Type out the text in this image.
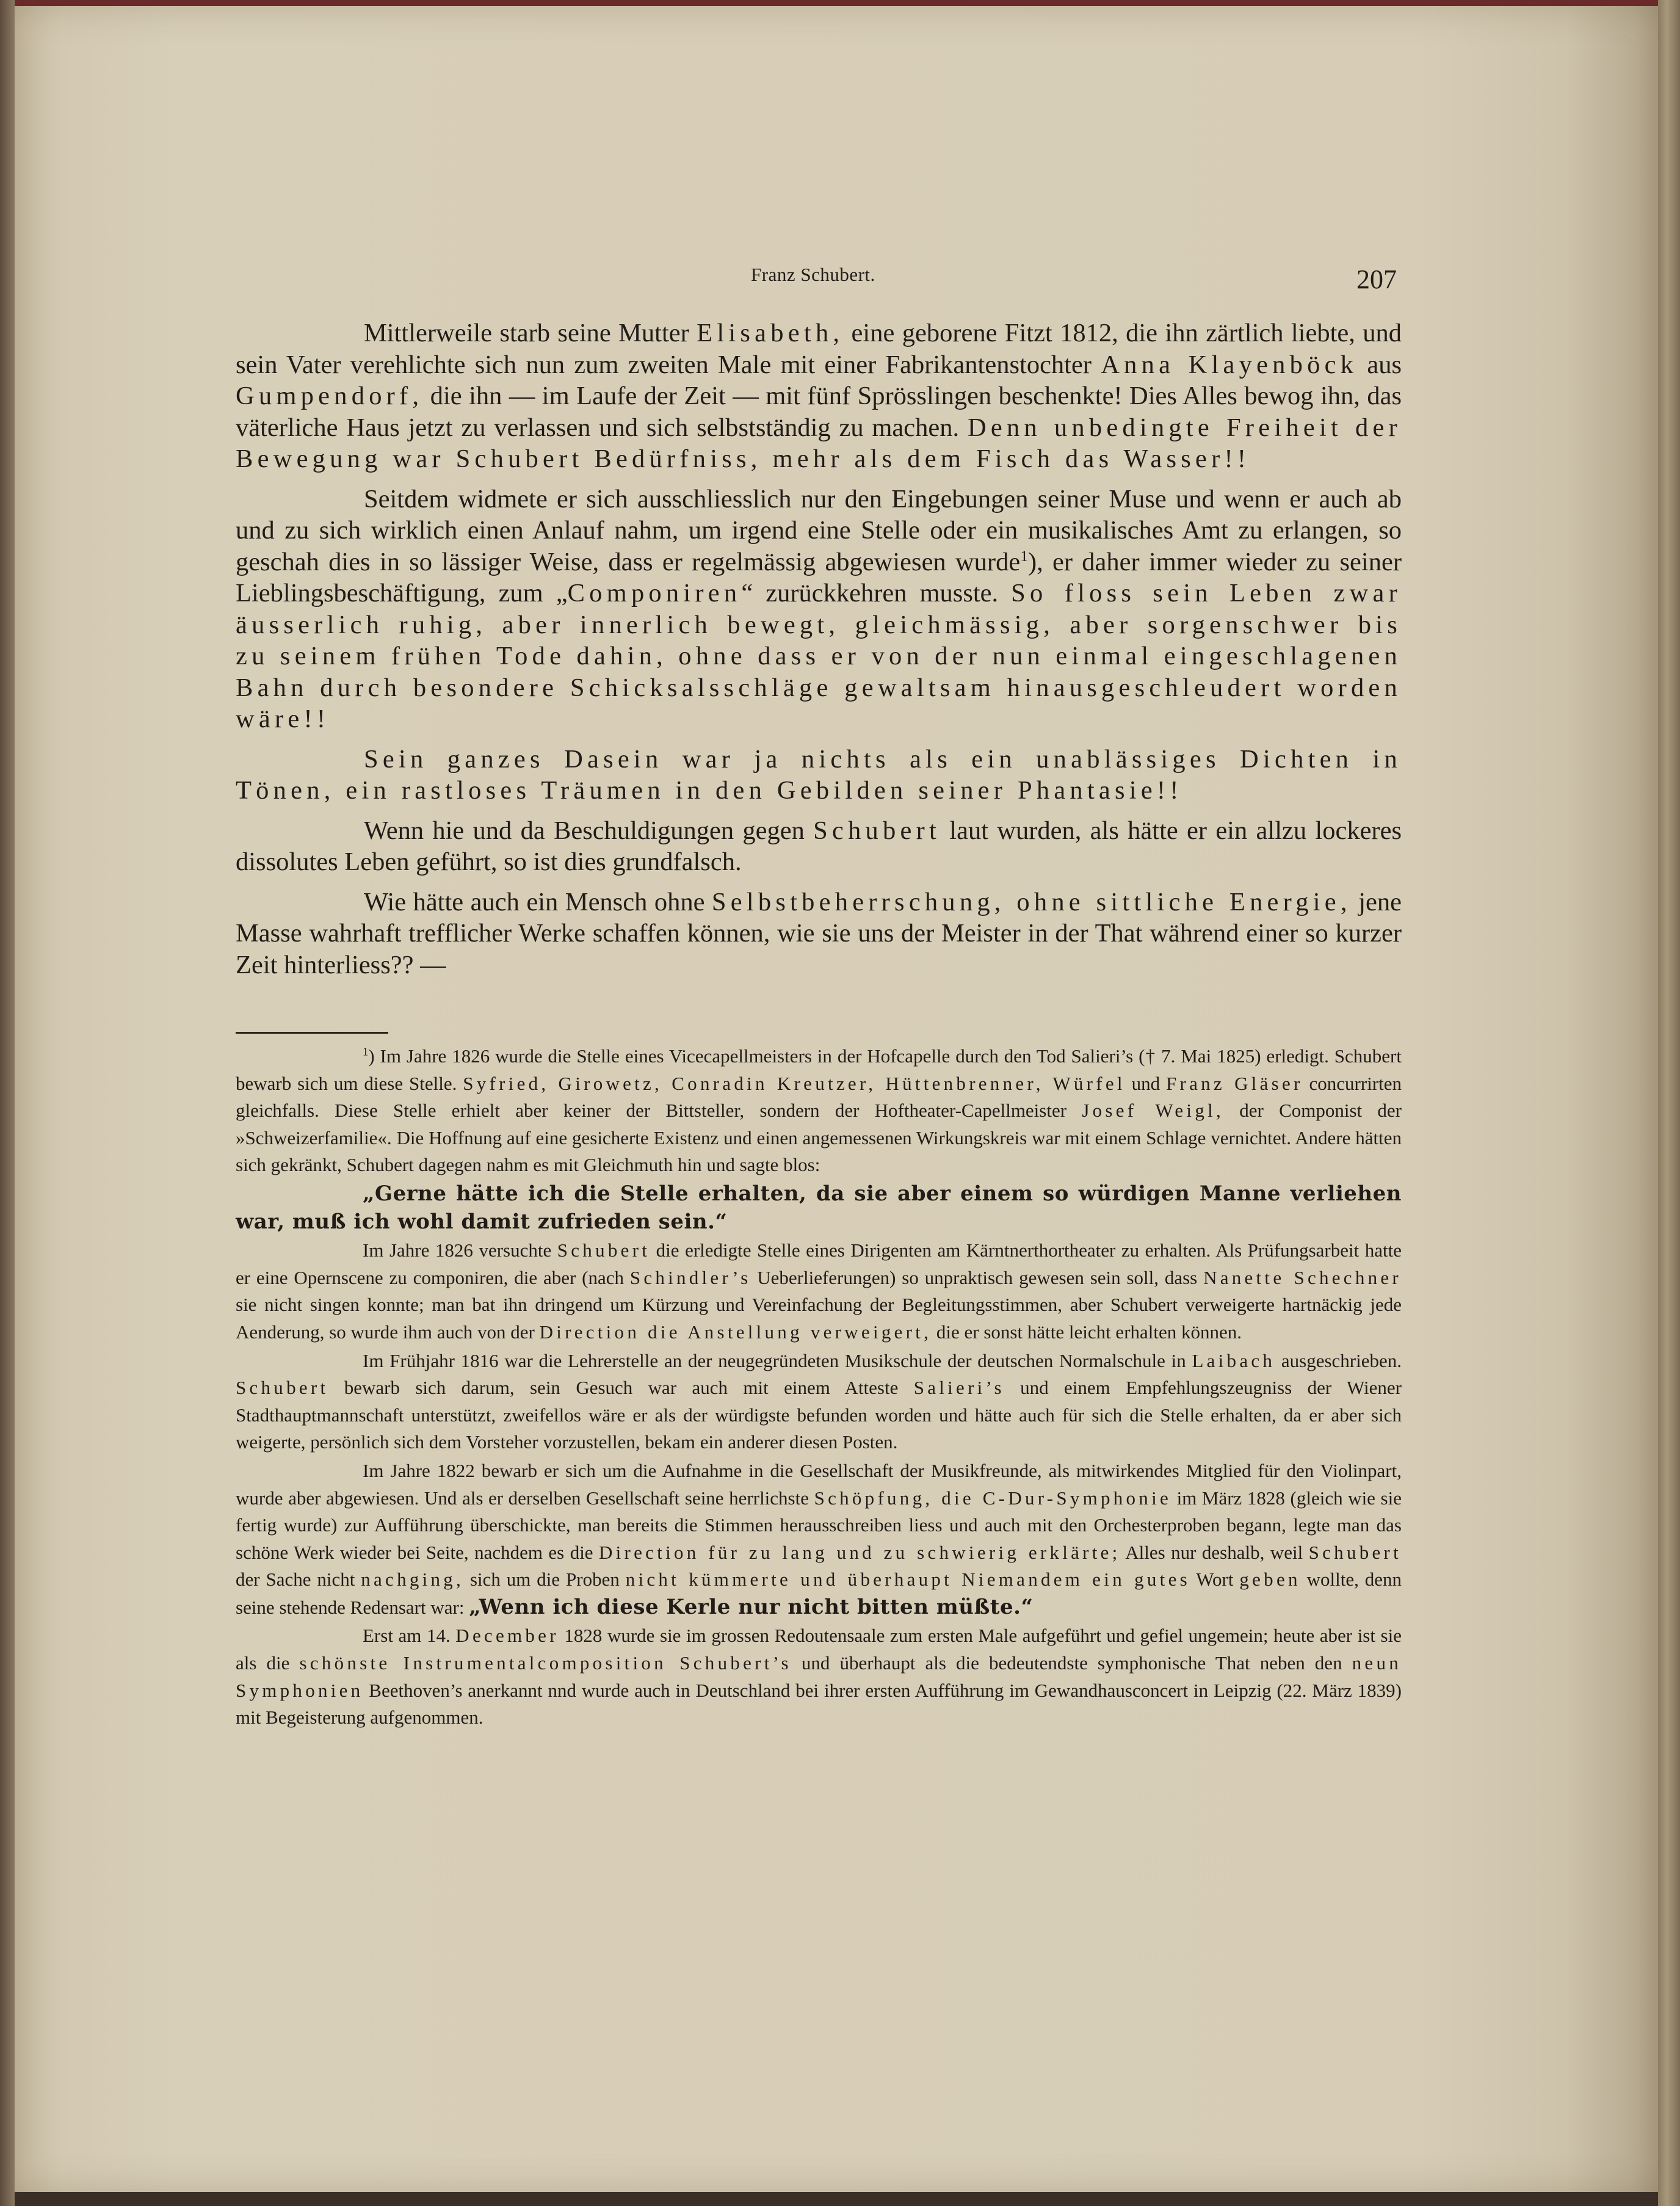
Franz Schubert.	207

Mittlerweile starb seine Mutter Elisabeth, eine geborene Fitzt 1812, die ihn zärtlich liebte, und sein Vater verehlichte sich nun zum zweiten Male mit einer Fabrikantenstochter Anna Klayenböck aus Gumpendorf, die ihn — im Laufe der Zeit — mit fünf Sprösslingen beschenkte! Dies Alles bewog ihn, das väterliche Haus jetzt zu verlassen und sich selbstständig zu machen. Denn unbedingte Freiheit der Bewegung war Schubert Bedürfniss, mehr als dem Fisch das Wasser!!

Seitdem widmete er sich ausschliesslich nur den Eingebungen seiner Muse und wenn er auch ab und zu sich wirklich einen Anlauf nahm, um irgend eine Stelle oder ein musikalisches Amt zu erlangen, so geschah dies in so lässiger Weise, dass er regelmässig abgewiesen wurde$^1$), er daher immer wieder zu seiner Lieblingsbeschäftigung, zum „Componiren“ zurückkehren musste. So floss sein Leben zwar äusserlich ruhig, aber innerlich bewegt, gleichmässig, aber sorgenschwer bis zu seinem frühen Tode dahin, ohne dass er von der nun einmal eingeschlagenen Bahn durch besondere Schicksalsschläge gewaltsam hinausgeschleudert worden wäre!!

Sein ganzes Dasein war ja nichts als ein unablässiges Dichten in Tönen, ein rastloses Träumen in den Gebilden seiner Phantasie!!

Wenn hie und da Beschuldigungen gegen Schubert laut wurden, als hätte er ein allzu lockeres dissolutes Leben geführt, so ist dies grundfalsch.

Wie hätte auch ein Mensch ohne Selbstbeherrschung, ohne sittliche Energie, jene Masse wahrhaft trefflicher Werke schaffen können, wie sie uns der Meister in der That während einer so kurzer Zeit hinterliess?? —

$^1$) Im Jahre 1826 wurde die Stelle eines Vicecapellmeisters in der Hofcapelle durch den Tod Salieri’s († 7. Mai 1825) erledigt. Schubert bewarb sich um diese Stelle. Syfried, Girowetz, Conradin Kreutzer, Hüttenbrenner, Würfel und Franz Gläser concurrirten gleichfalls. Diese Stelle erhielt aber keiner der Bittsteller, sondern der Hoftheater-Capellmeister Josef Weigl, der Componist der »Schweizerfamilie«. Die Hoffnung auf eine gesicherte Existenz und einen angemessenen Wirkungskreis war mit einem Schlage vernichtet. Andere hätten sich gekränkt, Schubert dagegen nahm es mit Gleichmuth hin und sagte blos:

„Gerne hätte ich die Stelle erhalten, da sie aber einem so würdigen Manne verliehen war, muß ich wohl damit zufrieden sein.“

Im Jahre 1826 versuchte Schubert die erledigte Stelle eines Dirigenten am Kärntnerthortheater zu erhalten. Als Prüfungsarbeit hatte er eine Opernscene zu componiren, die aber (nach Schindler’s Ueberlieferungen) so unpraktisch gewesen sein soll, dass Nanette Schechner sie nicht singen konnte; man bat ihn dringend um Kürzung und Vereinfachung der Begleitungsstimmen, aber Schubert verweigerte hartnäckig jede Aenderung, so wurde ihm auch von der Direction die Anstellung verweigert, die er sonst hätte leicht erhalten können.

Im Frühjahr 1816 war die Lehrerstelle an der neugegründeten Musikschule der deutschen Normalschule in Laibach ausgeschrieben. Schubert bewarb sich darum, sein Gesuch war auch mit einem Atteste Salieri’s und einem Empfehlungszeugniss der Wiener Stadthauptmannschaft unterstützt, zweifellos wäre er als der würdigste befunden worden und hätte auch für sich die Stelle erhalten, da er aber sich weigerte, persönlich sich dem Vorsteher vorzustellen, bekam ein anderer diesen Posten.

Im Jahre 1822 bewarb er sich um die Aufnahme in die Gesellschaft der Musikfreunde, als mitwirkendes Mitglied für den Violinpart, wurde aber abgewiesen. Und als er derselben Gesellschaft seine herrlichste Schöpfung, die C-Dur-Symphonie im März 1828 (gleich wie sie fertig wurde) zur Aufführung überschickte, man bereits die Stimmen herausschreiben liess und auch mit den Orchesterproben begann, legte man das schöne Werk wieder bei Seite, nachdem es die Direction für zu lang und zu schwierig erklärte; Alles nur deshalb, weil Schubert der Sache nicht nachging, sich um die Proben nicht kümmerte und überhaupt Niemandem ein gutes Wort geben wollte, denn seine stehende Redensart war: „Wenn ich diese Kerle nur nicht bitten müßte.“

Erst am 14. December 1828 wurde sie im grossen Redoutensaale zum ersten Male aufgeführt und gefiel ungemein; heute aber ist sie als die schönste Instrumentalcomposition Schubert’s und überhaupt als die bedeutendste symphonische That neben den neun Symphonien Beethoven’s anerkannt nnd wurde auch in Deutschland bei ihrer ersten Aufführung im Gewandhausconcert in Leipzig (22. März 1839) mit Begeisterung aufgenommen.
